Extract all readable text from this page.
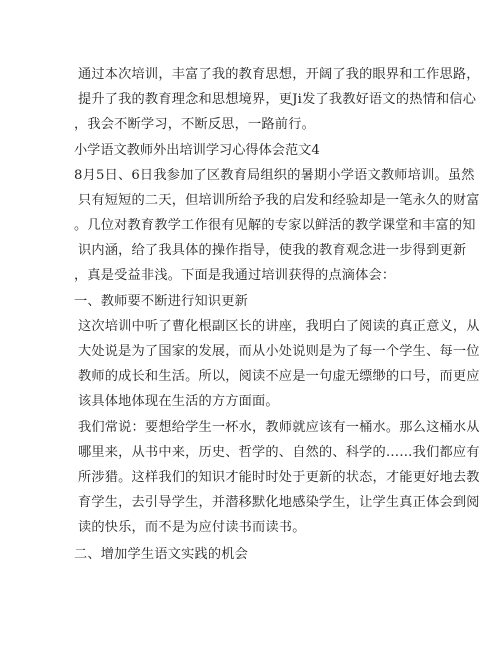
通过本次培训，丰富了我的教育思想，开阔了我的眼界和工作思路，
提升了我的教育理念和思想境界，更Ji发了我教好语文的热情和信心
，我会不断学习，不断反思，一路前行。
小学语文教师外出培训学习心得体会范文4
8月5日、6日我参加了区教育局组织的暑期小学语文教师培训。虽然
只有短短的二天，但培训所给予我的启发和经验却是一笔永久的财富
。几位对教育教学工作很有见解的专家以鲜活的教学课堂和丰富的知
识内涵，给了我具体的操作指导，使我的教育观念进一步得到更新
，真是受益非浅。下面是我通过培训获得的点滴体会：
一、教师要不断进行知识更新
这次培训中听了曹化根副区长的讲座，我明白了阅读的真正意义，从
大处说是为了国家的发展，而从小处说则是为了每一个学生、每一位
教师的成长和生活。所以，阅读不应是一句虚无缥缈的口号，而更应
该具体地体现在生活的方方面面。
我们常说：要想给学生一杯水，教师就应该有一桶水。那么这桶水从
哪里来，从书中来，历史、哲学的、自然的、科学的……我们都应有
所涉猎。这样我们的知识才能时时处于更新的状态，才能更好地去教
育学生，去引导学生，并潜移默化地感染学生，让学生真正体会到阅
读的快乐，而不是为应付读书而读书。
二、增加学生语文实践的机会
